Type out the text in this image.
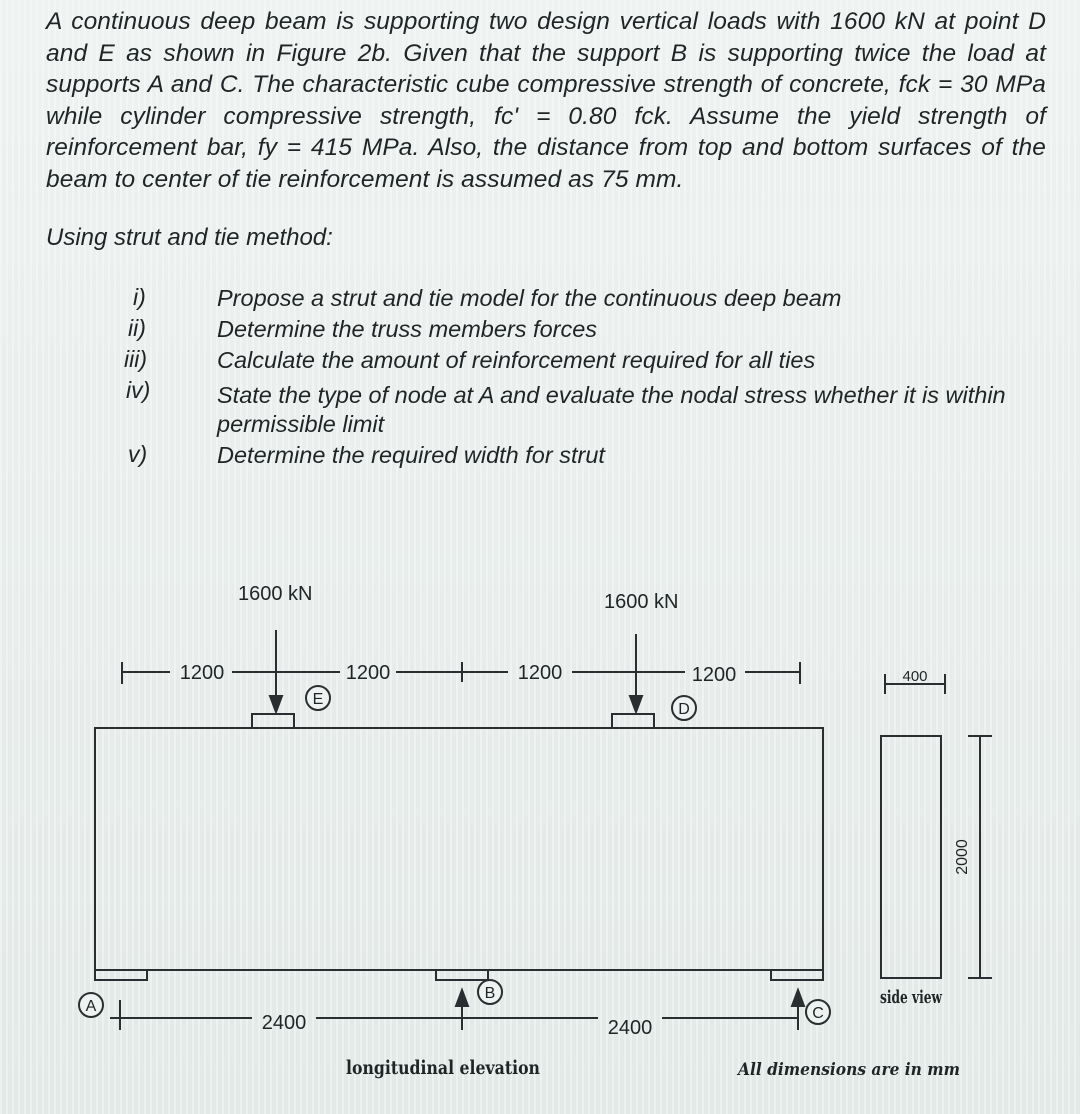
A continuous deep beam is supporting two design vertical loads with 1600 kN at point D and E as shown in Figure 2b. Given that the support B is supporting twice the load at supports A and C. The characteristic cube compressive strength of concrete, fck = 30 MPa while cylinder compressive strength, fc' = 0.80 fck. Assume the yield strength of reinforcement bar, fy = 415 MPa. Also, the distance from top and bottom surfaces of the beam to center of tie reinforcement is assumed as 75 mm.

Using strut and tie method:

i)	Propose a strut and tie model for the continuous deep beam
ii)	Determine the truss members forces
iii)	Calculate the amount of reinforcement required for all ties
iv)	State the type of node at A and evaluate the nodal stress whether it is within permissible limit
v)	Determine the required width for strut
E
D
A
B
C
1600 kN	1600 kN
1200	1200	1200	1200
2400	2400
400
2000
side view
longitudinal elevation	All dimensions are in mm
